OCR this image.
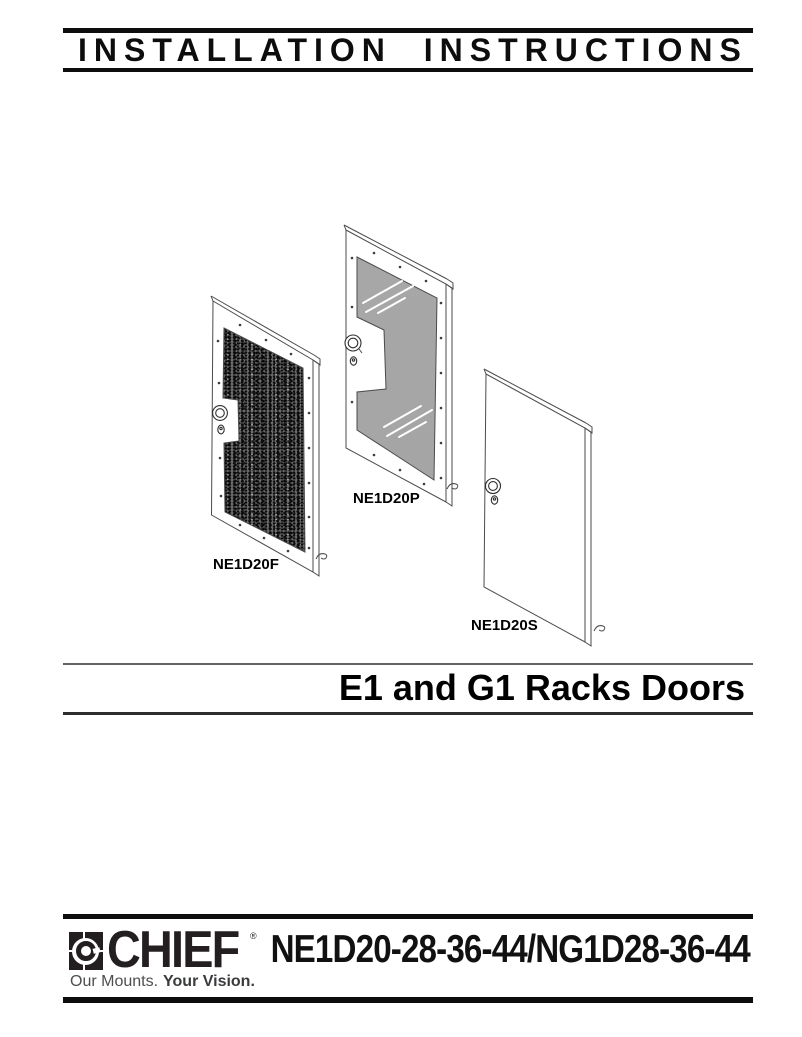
INSTALLATION INSTRUCTIONS
NE1D20F
NE1D20P
NE1D20S
E1 and G1 Racks Doors
CHIEF ®
Our Mounts. Your Vision.
NE1D20-28-36-44/NG1D28-36-44
